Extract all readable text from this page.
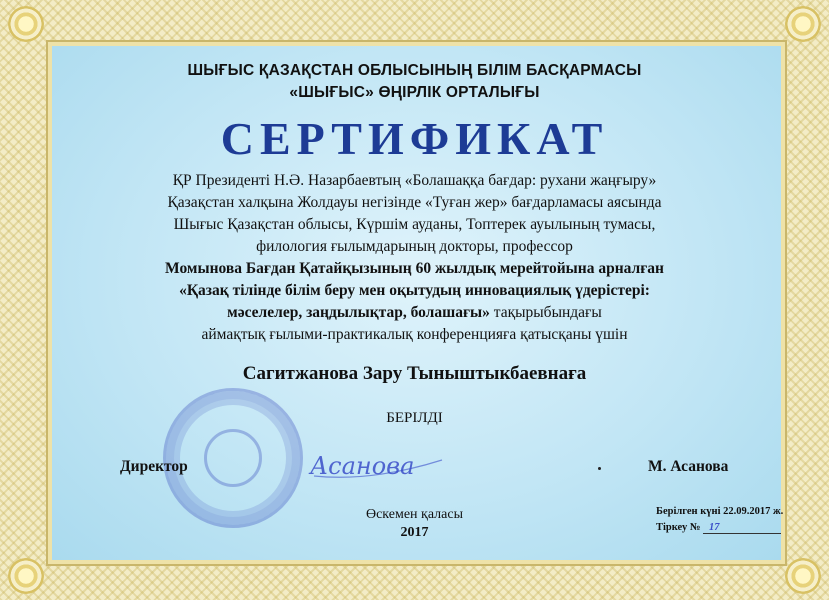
ШЫҒЫС ҚАЗАҚСТАН ОБЛЫСЫНЫҢ БІЛІМ БАСҚАРМАСЫ
«ШЫҒЫС» ӨҢІРЛІК ОРТАЛЫҒЫ
СЕРТИФИКАТ
ҚР Президенті Н.Ә. Назарбаевтың «Болашаққа бағдар: рухани жаңғыру»
Қазақстан халқына Жолдауы негізінде «Туған жер» бағдарламасы аясында
Шығыс Қазақстан облысы, Күршім ауданы, Топтерек ауылының тумасы,
филология ғылымдарының докторы, профессор
Момынова Бағдан Қатайқызының 60 жылдық мерейтойына арналған
«Қазақ тілінде білім беру мен оқытудың инновациялық үдерістері:
мәселелер, заңдылықтар, болашағы» тақырыбындағы
аймақтық ғылыми-практикалық конференцияға қатысқаны үшін
Сагитжанова Зару Тыныштыкбаевнаға
БЕРІЛДІ
Директор	Асанова	М. Асанова
Өскемен қаласы
2017
Берілген күні 22.09.2017 ж.
Тіркеу № 17
